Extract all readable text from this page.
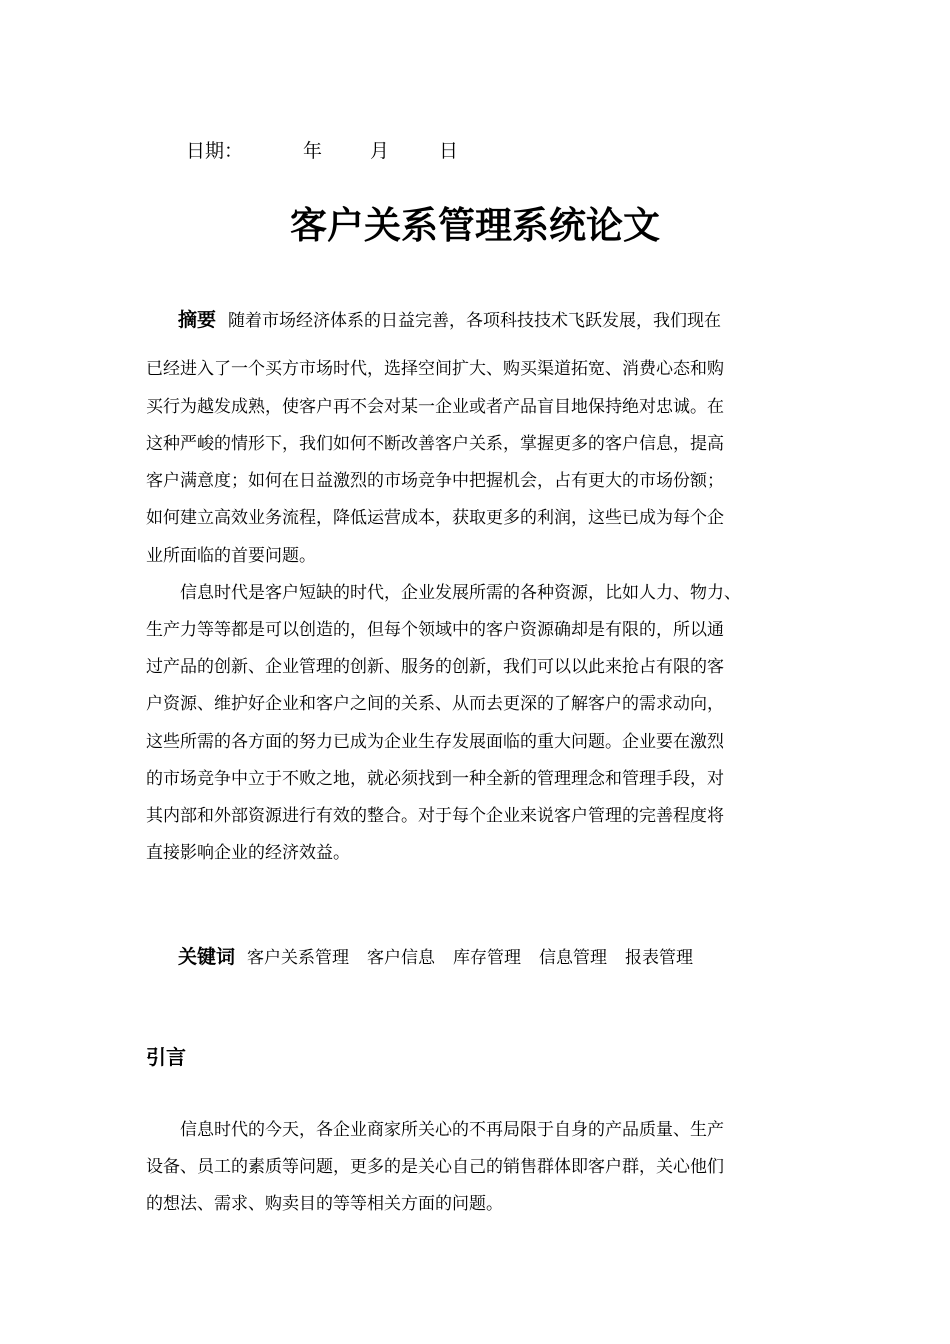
日期：	年	月	日
客户关系管理系统论文
摘要 随着市场经济体系的日益完善，各项科技技术飞跃发展，我们现在
已经进入了一个买方市场时代，选择空间扩大、购买渠道拓宽、消费心态和购
买行为越发成熟，使客户再不会对某一企业或者产品盲目地保持绝对忠诚。在
这种严峻的情形下，我们如何不断改善客户关系，掌握更多的客户信息，提高
客户满意度；如何在日益激烈的市场竞争中把握机会，占有更大的市场份额；
如何建立高效业务流程，降低运营成本，获取更多的利润，这些已成为每个企
业所面临的首要问题。
信息时代是客户短缺的时代，企业发展所需的各种资源，比如人力、物力、
生产力等等都是可以创造的，但每个领域中的客户资源确却是有限的，所以通
过产品的创新、企业管理的创新、服务的创新，我们可以以此来抢占有限的客
户资源、维护好企业和客户之间的关系、从而去更深的了解客户的需求动向，
这些所需的各方面的努力已成为企业生存发展面临的重大问题。企业要在激烈
的市场竞争中立于不败之地，就必须找到一种全新的管理理念和管理手段，对
其内部和外部资源进行有效的整合。对于每个企业来说客户管理的完善程度将
直接影响企业的经济效益。
关键词 客户关系管理 客户信息 库存管理 信息管理 报表管理
引言
信息时代的今天，各企业商家所关心的不再局限于自身的产品质量、生产
设备、员工的素质等问题，更多的是关心自己的销售群体即客户群，关心他们
的想法、需求、购卖目的等等相关方面的问题。
